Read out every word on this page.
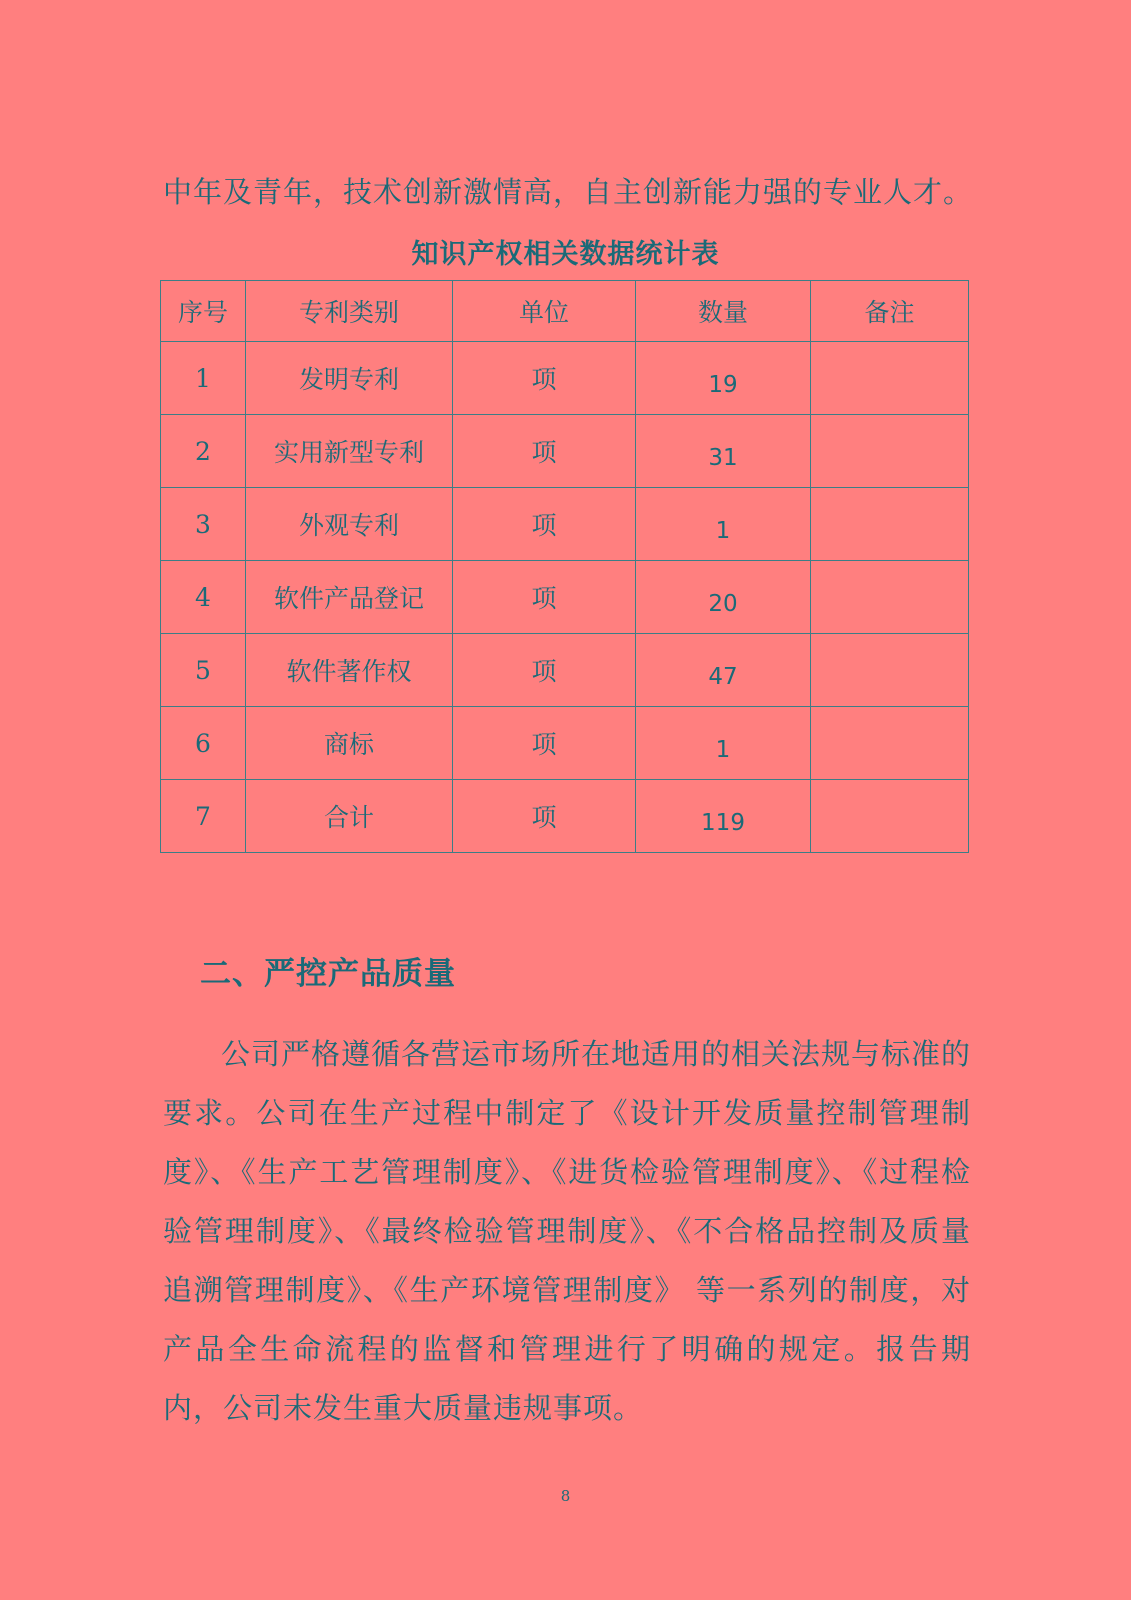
中年及青年，技术创新激情高，自主创新能力强的专业人才。
知识产权相关数据统计表
序号	专利类别	单位	数量	备注
1	发明专利	项	19	
2	实用新型专利	项	31	
3	外观专利	项	1	
4	软件产品登记	项	20	
5	软件著作权	项	47	
6	商标	项	1	
7	合计	项	119	
二、严控产品质量
公司严格遵循各营运市场所在地适用的相关法规与标准的要求。公司在生产过程中制定了《设计开发质量控制管理制度》、《生产工艺管理制度》、《进货检验管理制度》、《过程检验管理制度》、《最终检验管理制度》、《不合格品控制及质量追溯管理制度》、《生产环境管理制度》 等一系列的制度，对产品全生命流程的监督和管理进行了明确的规定。报告期内，公司未发生重大质量违规事项。
8
